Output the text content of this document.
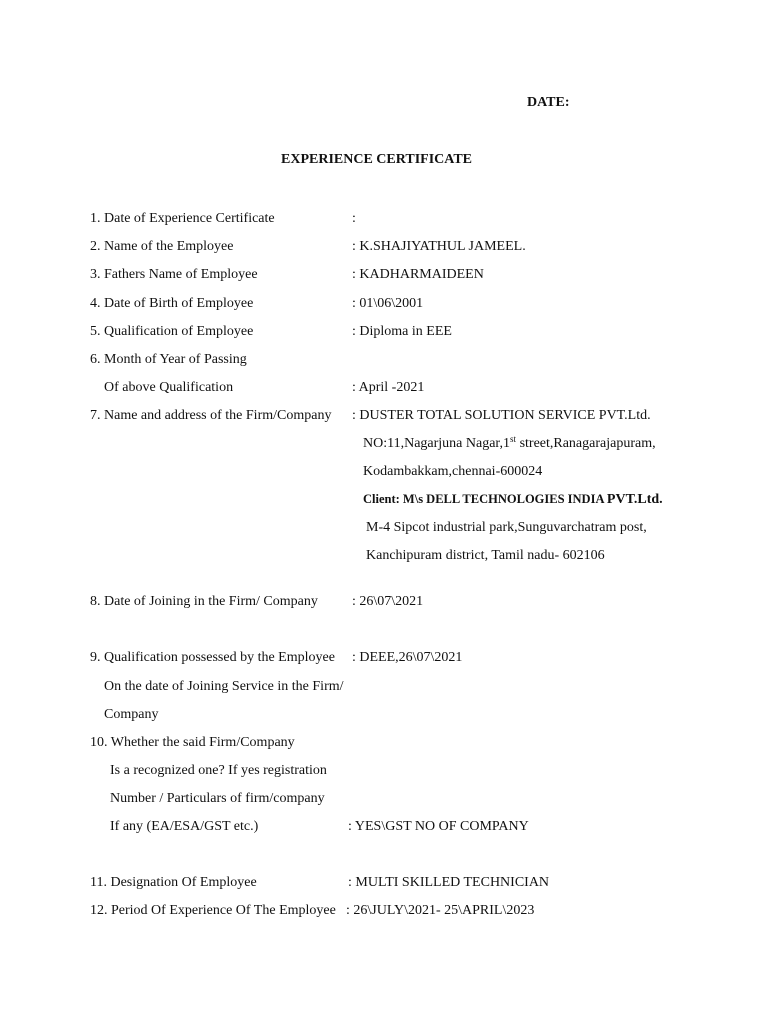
DATE:
EXPERIENCE CERTIFICATE
1. Date of Experience Certificate	:
2. Name of the Employee	: K.SHAJIYATHUL JAMEEL.
3. Fathers Name of Employee	: KADHARMAIDEEN
4. Date of Birth of Employee	: 01\06\2001
5. Qualification of Employee	: Diploma in EEE
6. Month of Year of Passing
Of above Qualification	: April -2021
7. Name and address of the Firm/Company : DUSTER TOTAL SOLUTION SERVICE PVT.Ltd.
NO:11,Nagarjuna Nagar,1st street,Ranagarajapuram,
Kodambakkam,chennai-600024
Client: M\s DELL TECHNOLOGIES INDIA PVT.Ltd.
M-4 Sipcot industrial park,Sunguvarchatram post,
Kanchipuram district, Tamil nadu- 602106
8. Date of Joining in the Firm/ Company : 26\07\2021
9. Qualification possessed by the Employee : DEEE,26\07\2021
On the date of Joining Service in the Firm/
Company
10. Whether the said Firm/Company
Is a recognized one? If yes registration
Number / Particulars of firm/company
If any (EA/ESA/GST etc.)	: YES\GST NO OF COMPANY
11. Designation Of Employee	: MULTI SKILLED TECHNICIAN
12. Period Of Experience Of The Employee : 26\JULY\2021- 25\APRIL\2023
